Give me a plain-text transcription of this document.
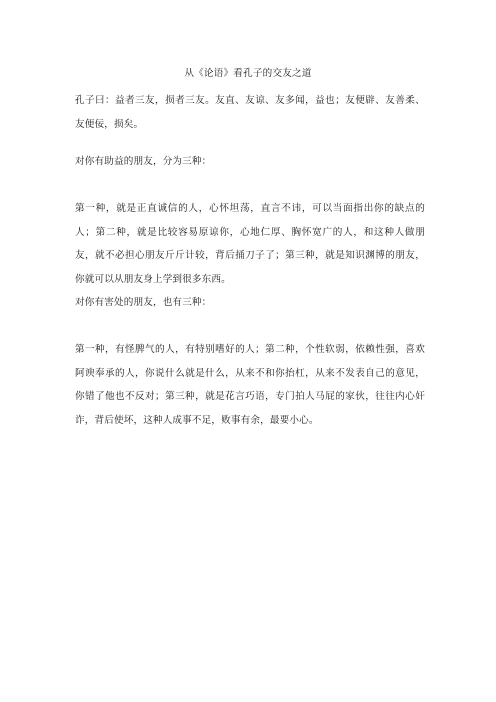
从《论语》看孔子的交友之道

孔子曰：益者三友，损者三友。友直、友谅、友多闻，益也；友便辟、友善柔、友便佞，损矣。

对你有助益的朋友，分为三种：

第一种，就是正直诚信的人，心怀坦荡，直言不讳，可以当面指出你的缺点的人；第二种，就是比较容易原谅你，心地仁厚、胸怀宽广的人，和这种人做朋友，就不必担心朋友斤斤计较，背后捅刀子了；第三种，就是知识渊博的朋友，你就可以从朋友身上学到很多东西。

对你有害处的朋友，也有三种：

第一种，有怪脾气的人，有特别嗜好的人；第二种，个性软弱，依赖性强，喜欢阿谀奉承的人，你说什么就是什么，从来不和你抬杠，从来不发表自己的意见，你错了他也不反对；第三种，就是花言巧语，专门拍人马屁的家伙，往往内心奸诈，背后使坏，这种人成事不足，败事有余，最要小心。
